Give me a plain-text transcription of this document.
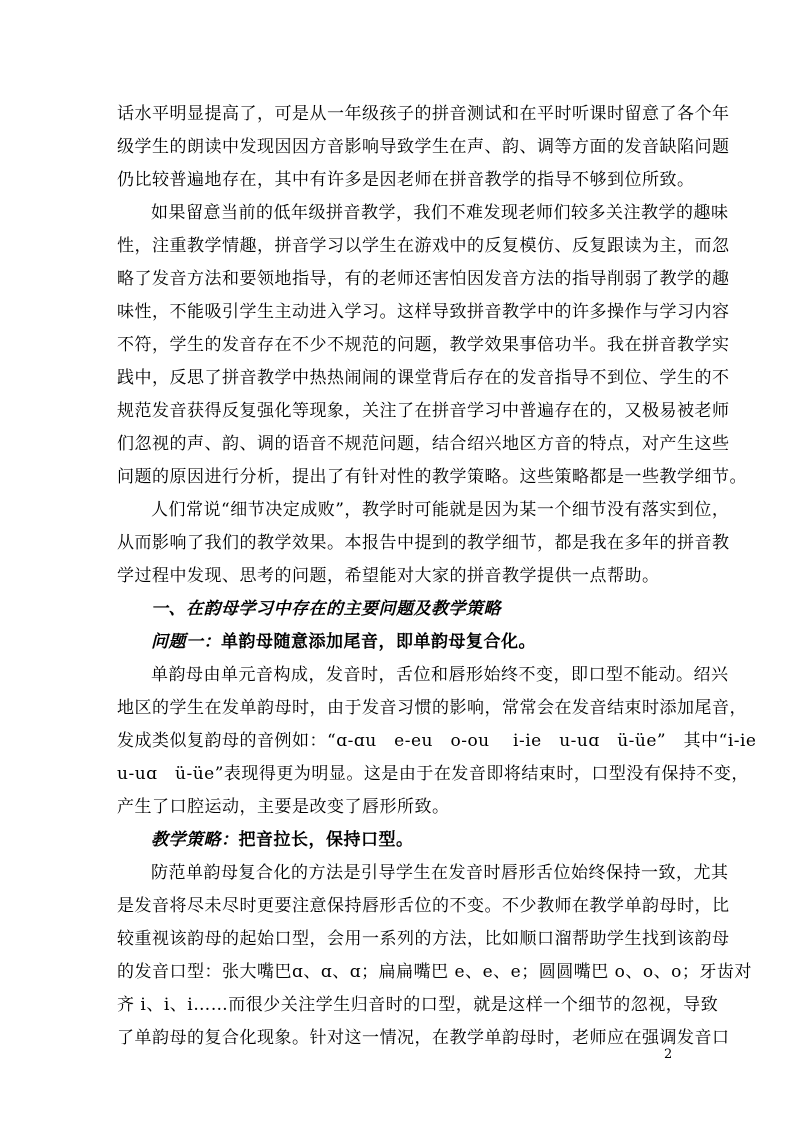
话水平明显提高了，可是从一年级孩子的拼音测试和在平时听课时留意了各个年
级学生的朗读中发现因因方音影响导致学生在声、韵、调等方面的发音缺陷问题
仍比较普遍地存在，其中有许多是因老师在拼音教学的指导不够到位所致。
如果留意当前的低年级拼音教学，我们不难发现老师们较多关注教学的趣味
性，注重教学情趣，拼音学习以学生在游戏中的反复模仿、反复跟读为主，而忽
略了发音方法和要领地指导，有的老师还害怕因发音方法的指导削弱了教学的趣
味性，不能吸引学生主动进入学习。这样导致拼音教学中的许多操作与学习内容
不符，学生的发音存在不少不规范的问题，教学效果事倍功半。我在拼音教学实
践中，反思了拼音教学中热热闹闹的课堂背后存在的发音指导不到位、学生的不
规范发音获得反复强化等现象，关注了在拼音学习中普遍存在的，又极易被老师
们忽视的声、韵、调的语音不规范问题，结合绍兴地区方音的特点，对产生这些
问题的原因进行分析，提出了有针对性的教学策略。这些策略都是一些教学细节。
人们常说“细节决定成败”，教学时可能就是因为某一个细节没有落实到位，
从而影响了我们的教学效果。本报告中提到的教学细节，都是我在多年的拼音教
学过程中发现、思考的问题，希望能对大家的拼音教学提供一点帮助。
一、在韵母学习中存在的主要问题及教学策略
问题一：单韵母随意添加尾音，即单韵母复合化。
单韵母由单元音构成，发音时，舌位和唇形始终不变，即口型不能动。绍兴
地区的学生在发单韵母时，由于发音习惯的影响，常常会在发音结束时添加尾音，
发成类似复韵母的音例如：“ɑ-ɑu　e-eu　o-ou　 i-ie　u-uɑ　ü-üe”　其中“i-ie
u-uɑ　ü-üe”表现得更为明显。这是由于在发音即将结束时，口型没有保持不变，
产生了口腔运动，主要是改变了唇形所致。
教学策略：把音拉长，保持口型。
防范单韵母复合化的方法是引导学生在发音时唇形舌位始终保持一致，尤其
是发音将尽未尽时更要注意保持唇形舌位的不变。不少教师在教学单韵母时，比
较重视该韵母的起始口型，会用一系列的方法，比如顺口溜帮助学生找到该韵母
的发音口型：张大嘴巴ɑ、ɑ、ɑ；扁扁嘴巴 e、e、e；圆圆嘴巴 o、o、o；牙齿对
齐 i、i、i……而很少关注学生归音时的口型，就是这样一个细节的忽视，导致
了单韵母的复合化现象。针对这一情况，在教学单韵母时，老师应在强调发音口
2
